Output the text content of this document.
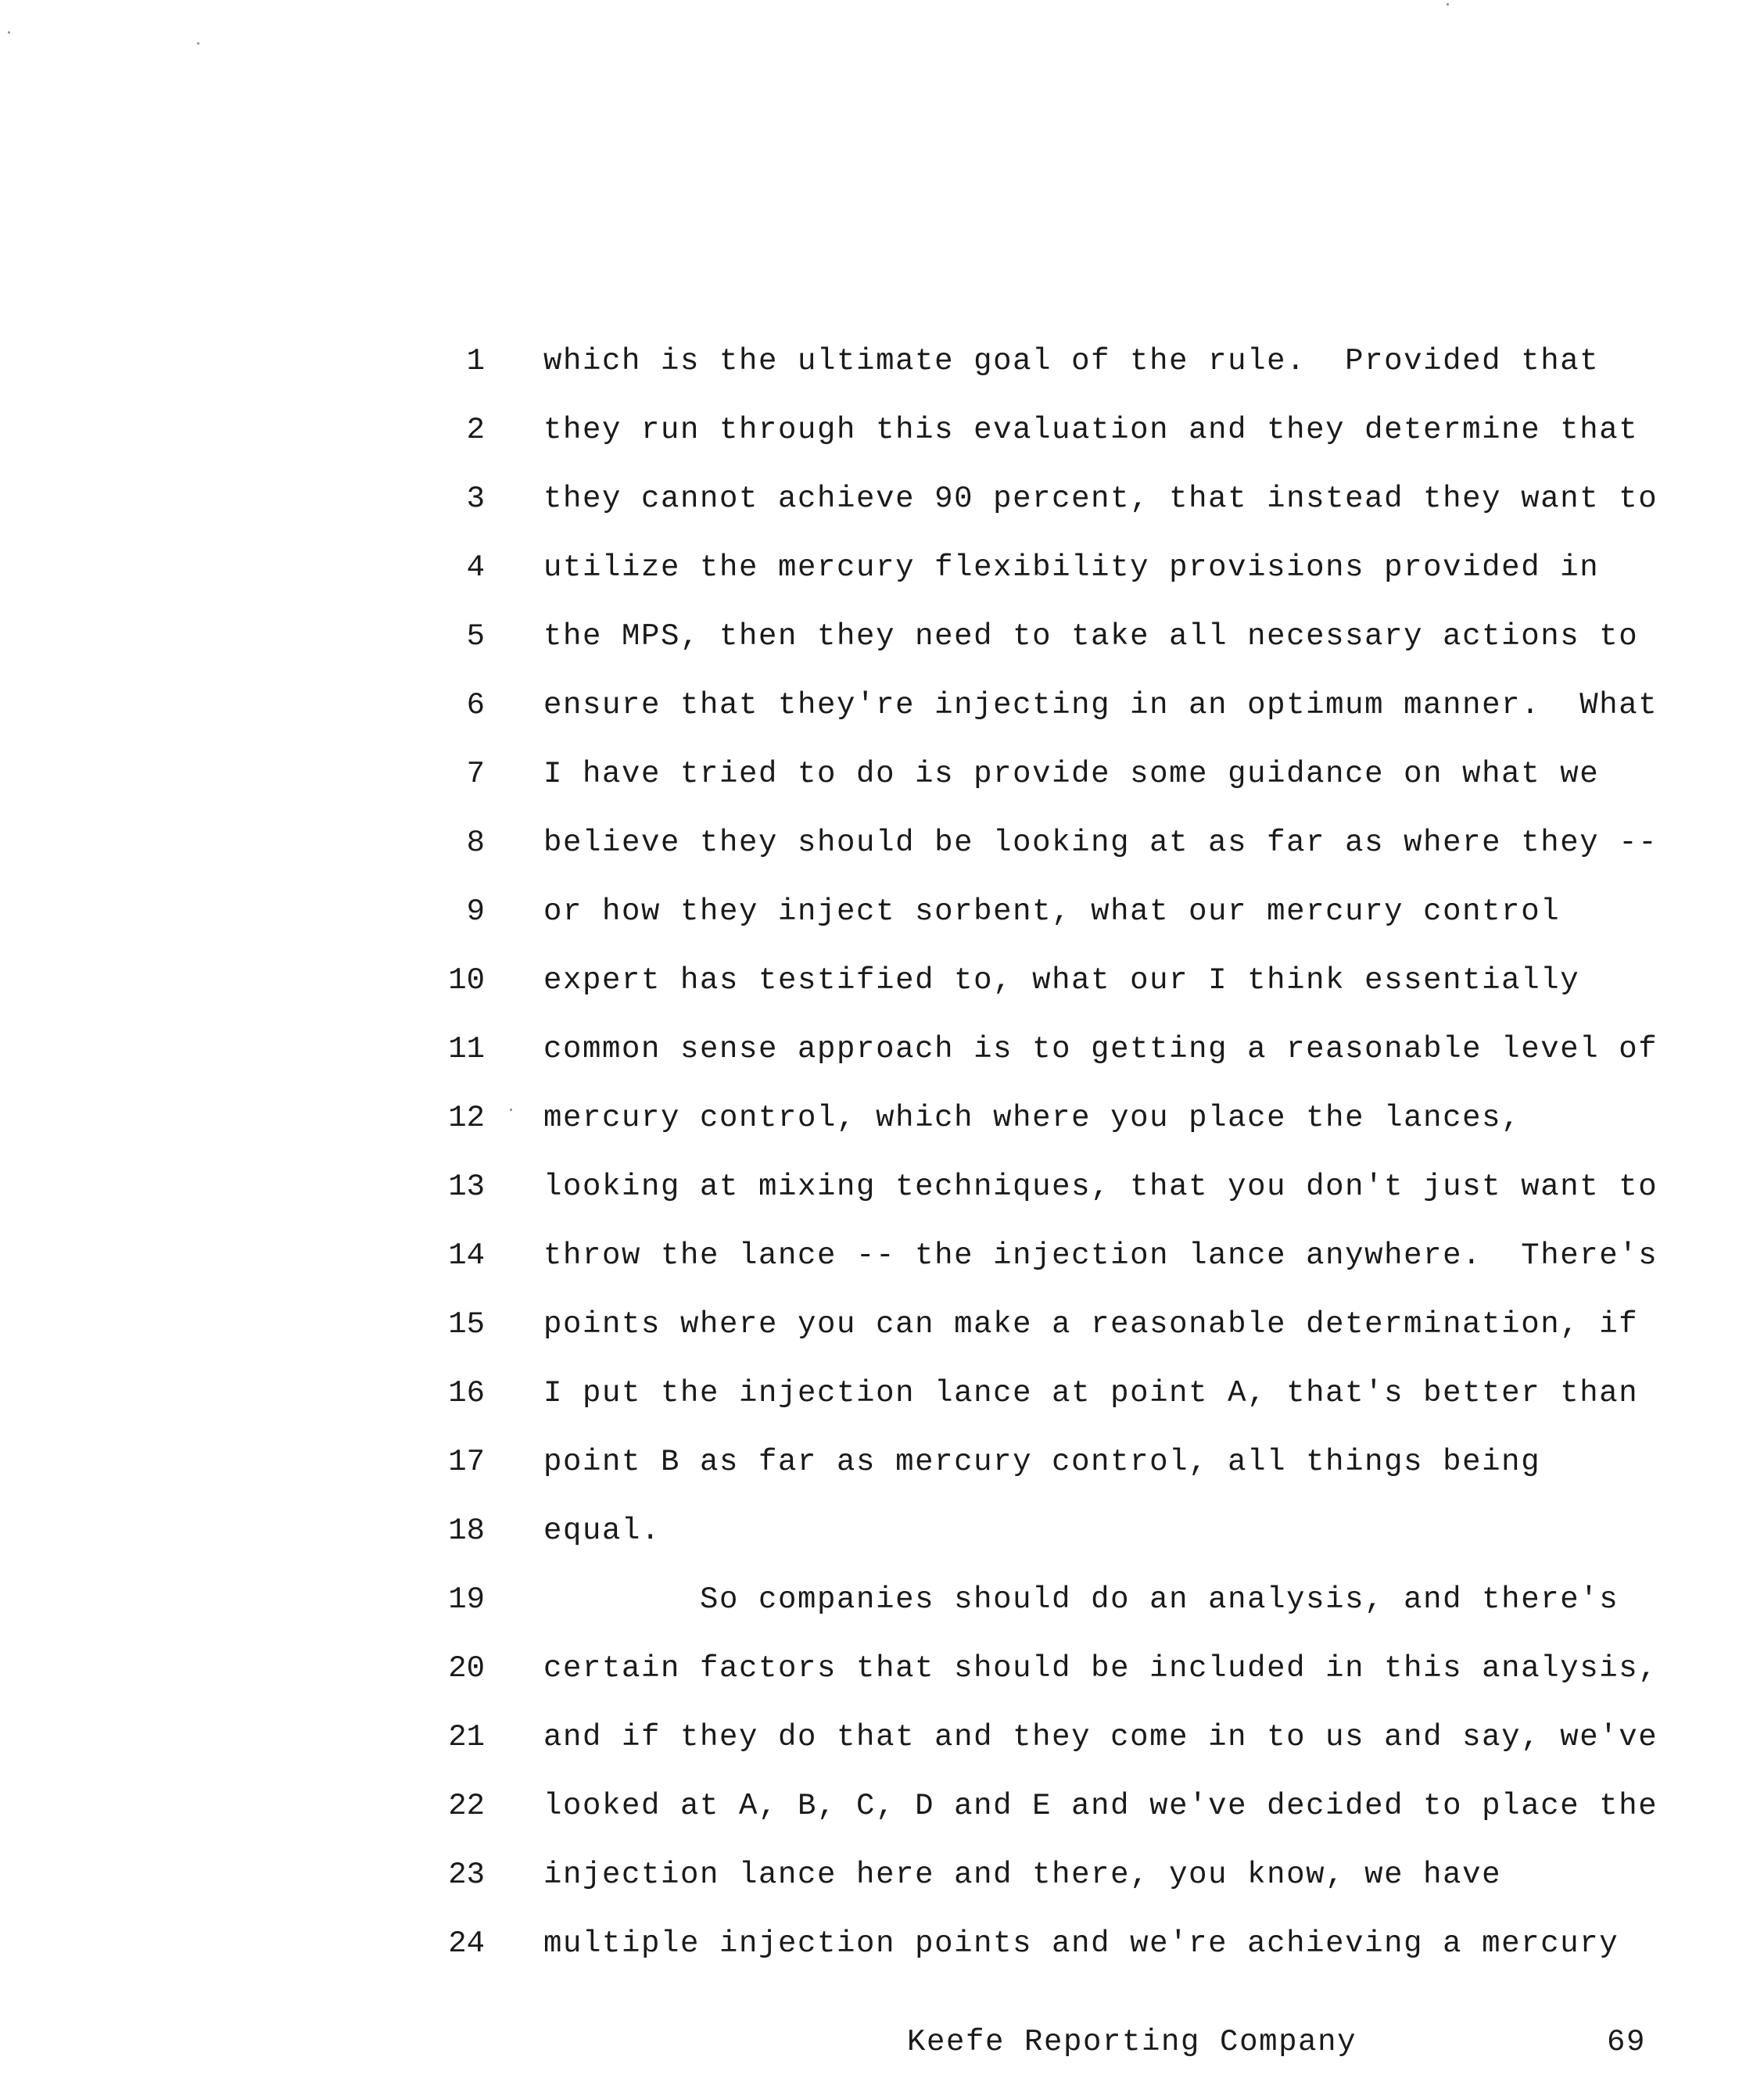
1 which is the ultimate goal of the rule.  Provided that
2 they run through this evaluation and they determine that
3 they cannot achieve 90 percent, that instead they want to
4 utilize the mercury flexibility provisions provided in
5 the MPS, then they need to take all necessary actions to
6 ensure that they're injecting in an optimum manner.  What
7 I have tried to do is provide some guidance on what we
8 believe they should be looking at as far as where they --
9 or how they inject sorbent, what our mercury control
10 expert has testified to, what our I think essentially
11 common sense approach is to getting a reasonable level of
12 mercury control, which where you place the lances,
13 looking at mixing techniques, that you don't just want to
14 throw the lance -- the injection lance anywhere.  There's
15 points where you can make a reasonable determination, if
16 I put the injection lance at point A, that's better than
17 point B as far as mercury control, all things being
18 equal.
19 So companies should do an analysis, and there's
20 certain factors that should be included in this analysis,
21 and if they do that and they come in to us and say, we've
22 looked at A, B, C, D and E and we've decided to place the
23 injection lance here and there, you know, we have
24 multiple injection points and we're achieving a mercury
Keefe Reporting Company	69
